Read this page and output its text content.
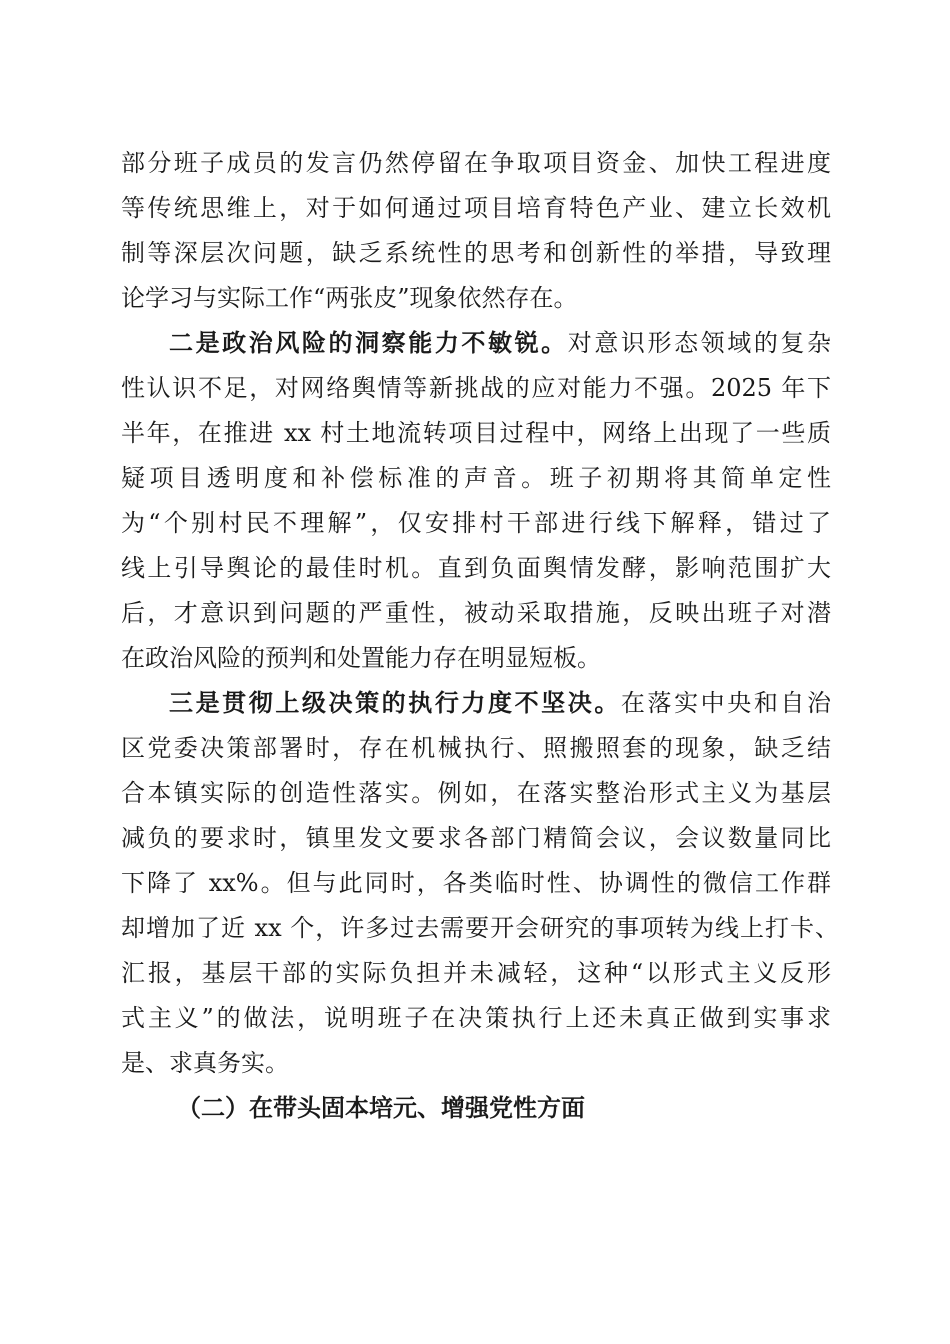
部分班子成员的发言仍然停留在争取项目资金、加快工程进度
等传统思维上，对于如何通过项目培育特色产业、建立长效机
制等深层次问题，缺乏系统性的思考和创新性的举措，导致理
论学习与实际工作“两张皮”现象依然存在。
二是政治风险的洞察能力不敏锐。对意识形态领域的复杂
性认识不足，对网络舆情等新挑战的应对能力不强。2025 年下
半年，在推进 xx 村土地流转项目过程中，网络上出现了一些质
疑项目透明度和补偿标准的声音。班子初期将其简单定性
为“个别村民不理解”，仅安排村干部进行线下解释，错过了
线上引导舆论的最佳时机。直到负面舆情发酵，影响范围扩大
后，才意识到问题的严重性，被动采取措施，反映出班子对潜
在政治风险的预判和处置能力存在明显短板。
三是贯彻上级决策的执行力度不坚决。在落实中央和自治
区党委决策部署时，存在机械执行、照搬照套的现象，缺乏结
合本镇实际的创造性落实。例如，在落实整治形式主义为基层
减负的要求时，镇里发文要求各部门精简会议，会议数量同比
下降了 xx%。但与此同时，各类临时性、协调性的微信工作群
却增加了近 xx 个，许多过去需要开会研究的事项转为线上打卡、
汇报，基层干部的实际负担并未减轻，这种“以形式主义反形
式主义”的做法，说明班子在决策执行上还未真正做到实事求
是、求真务实。
（二）在带头固本培元、增强党性方面
